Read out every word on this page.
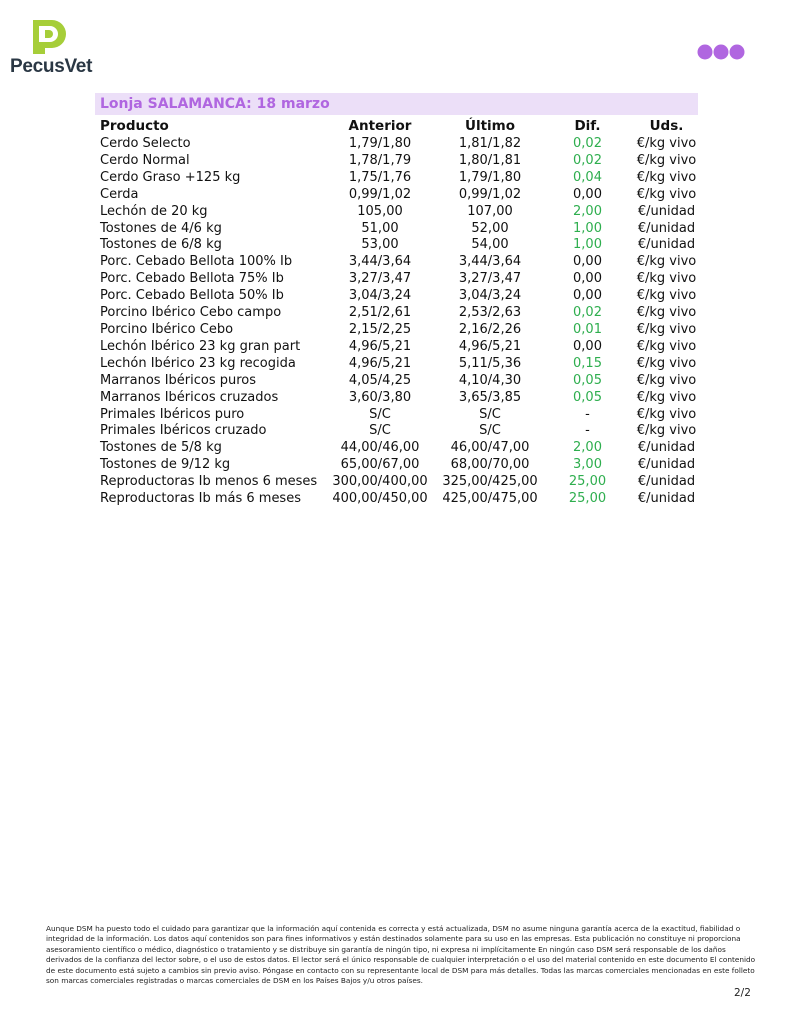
PecusVet
Lonja SALAMANCA: 18 marzo
Producto	Anterior	Último	Dif.	Uds.
Cerdo Selecto	1,79/1,80	1,81/1,82	0,02	€/kg vivo
Cerdo Normal	1,78/1,79	1,80/1,81	0,02	€/kg vivo
Cerdo Graso +125 kg	1,75/1,76	1,79/1,80	0,04	€/kg vivo
Cerda	0,99/1,02	0,99/1,02	0,00	€/kg vivo
Lechón de 20 kg	105,00	107,00	2,00	€/unidad
Tostones de 4/6 kg	51,00	52,00	1,00	€/unidad
Tostones de 6/8 kg	53,00	54,00	1,00	€/unidad
Porc. Cebado Bellota 100% Ib	3,44/3,64	3,44/3,64	0,00	€/kg vivo
Porc. Cebado Bellota 75% Ib	3,27/3,47	3,27/3,47	0,00	€/kg vivo
Porc. Cebado Bellota 50% Ib	3,04/3,24	3,04/3,24	0,00	€/kg vivo
Porcino Ibérico Cebo campo	2,51/2,61	2,53/2,63	0,02	€/kg vivo
Porcino Ibérico Cebo	2,15/2,25	2,16/2,26	0,01	€/kg vivo
Lechón Ibérico 23 kg gran part	4,96/5,21	4,96/5,21	0,00	€/kg vivo
Lechón Ibérico 23 kg recogida	4,96/5,21	5,11/5,36	0,15	€/kg vivo
Marranos Ibéricos puros	4,05/4,25	4,10/4,30	0,05	€/kg vivo
Marranos Ibéricos cruzados	3,60/3,80	3,65/3,85	0,05	€/kg vivo
Primales Ibéricos puro	S/C	S/C	-	€/kg vivo
Primales Ibéricos cruzado	S/C	S/C	-	€/kg vivo
Tostones de 5/8 kg	44,00/46,00	46,00/47,00	2,00	€/unidad
Tostones de 9/12 kg	65,00/67,00	68,00/70,00	3,00	€/unidad
Reproductoras Ib menos 6 meses	300,00/400,00	325,00/425,00	25,00	€/unidad
Reproductoras Ib más 6 meses	400,00/450,00	425,00/475,00	25,00	€/unidad

Aunque DSM ha puesto todo el cuidado para garantizar que la información aquí contenida es correcta y está actualizada, DSM no asume ninguna garantía acerca de la exactitud, fiabilidad o integridad de la información. Los datos aquí contenidos son para fines informativos y están destinados solamente para su uso en las empresas. Esta publicación no constituye ni proporciona asesoramiento científico o médico, diagnóstico o tratamiento y se distribuye sin garantía de ningún tipo, ni expresa ni implícitamente En ningún caso DSM será responsable de los daños derivados de la confianza del lector sobre, o el uso de estos datos. El lector será el único responsable de cualquier interpretación o el uso del material contenido en este documento El contenido de este documento está sujeto a cambios sin previo aviso. Póngase en contacto con su representante local de DSM para más detalles. Todas las marcas comerciales mencionadas en este folleto son marcas comerciales registradas o marcas comerciales de DSM en los Países Bajos y/u otros países.

2/2
